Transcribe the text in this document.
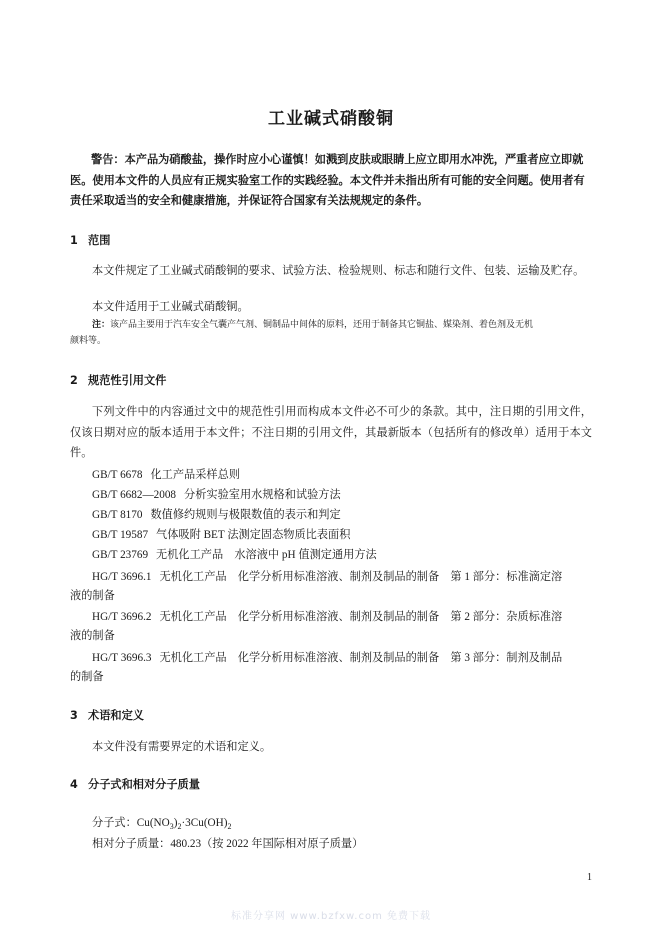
工业碱式硝酸铜
警告：本产品为硝酸盐，操作时应小心谨慎！如溅到皮肤或眼睛上应立即用水冲洗，严重者应立即就医。使用本文件的人员应有正规实验室工作的实践经验。本文件并未指出所有可能的安全问题。使用者有责任采取适当的安全和健康措施，并保证符合国家有关法规规定的条件。
1 范围
本文件规定了工业碱式硝酸铜的要求、试验方法、检验规则、标志和随行文件、包装、运输及贮存。
本文件适用于工业碱式硝酸铜。
注：该产品主要用于汽车安全气囊产气剂、铜制品中间体的原料，还用于制备其它铜盐、媒染剂、着色剂及无机
颜料等。
2 规范性引用文件
下列文件中的内容通过文中的规范性引用而构成本文件必不可少的条款。其中，注日期的引用文件，仅该日期对应的版本适用于本文件；不注日期的引用文件，其最新版本（包括所有的修改单）适用于本文件。
GB/T 6678 化工产品采样总则
GB/T 6682—2008 分析实验室用水规格和试验方法
GB/T 8170 数值修约规则与极限数值的表示和判定
GB/T 19587 气体吸附 BET 法测定固态物质比表面积
GB/T 23769 无机化工产品　水溶液中 pH 值测定通用方法
HG/T 3696.1 无机化工产品　化学分析用标准溶液、制剂及制品的制备　第 1 部分：标准滴定溶
液的制备
HG/T 3696.2 无机化工产品　化学分析用标准溶液、制剂及制品的制备　第 2 部分：杂质标准溶
液的制备
HG/T 3696.3 无机化工产品　化学分析用标准溶液、制剂及制品的制备　第 3 部分：制剂及制品
的制备
3 术语和定义
本文件没有需要界定的术语和定义。
4 分子式和相对分子质量
分子式：$Cu(NO_3)_2\cdot 3Cu(OH)_2$
相对分子质量：480.23（按 2022 年国际相对原子质量）
1
标准分享网 www.bzfxw.com 免费下载
